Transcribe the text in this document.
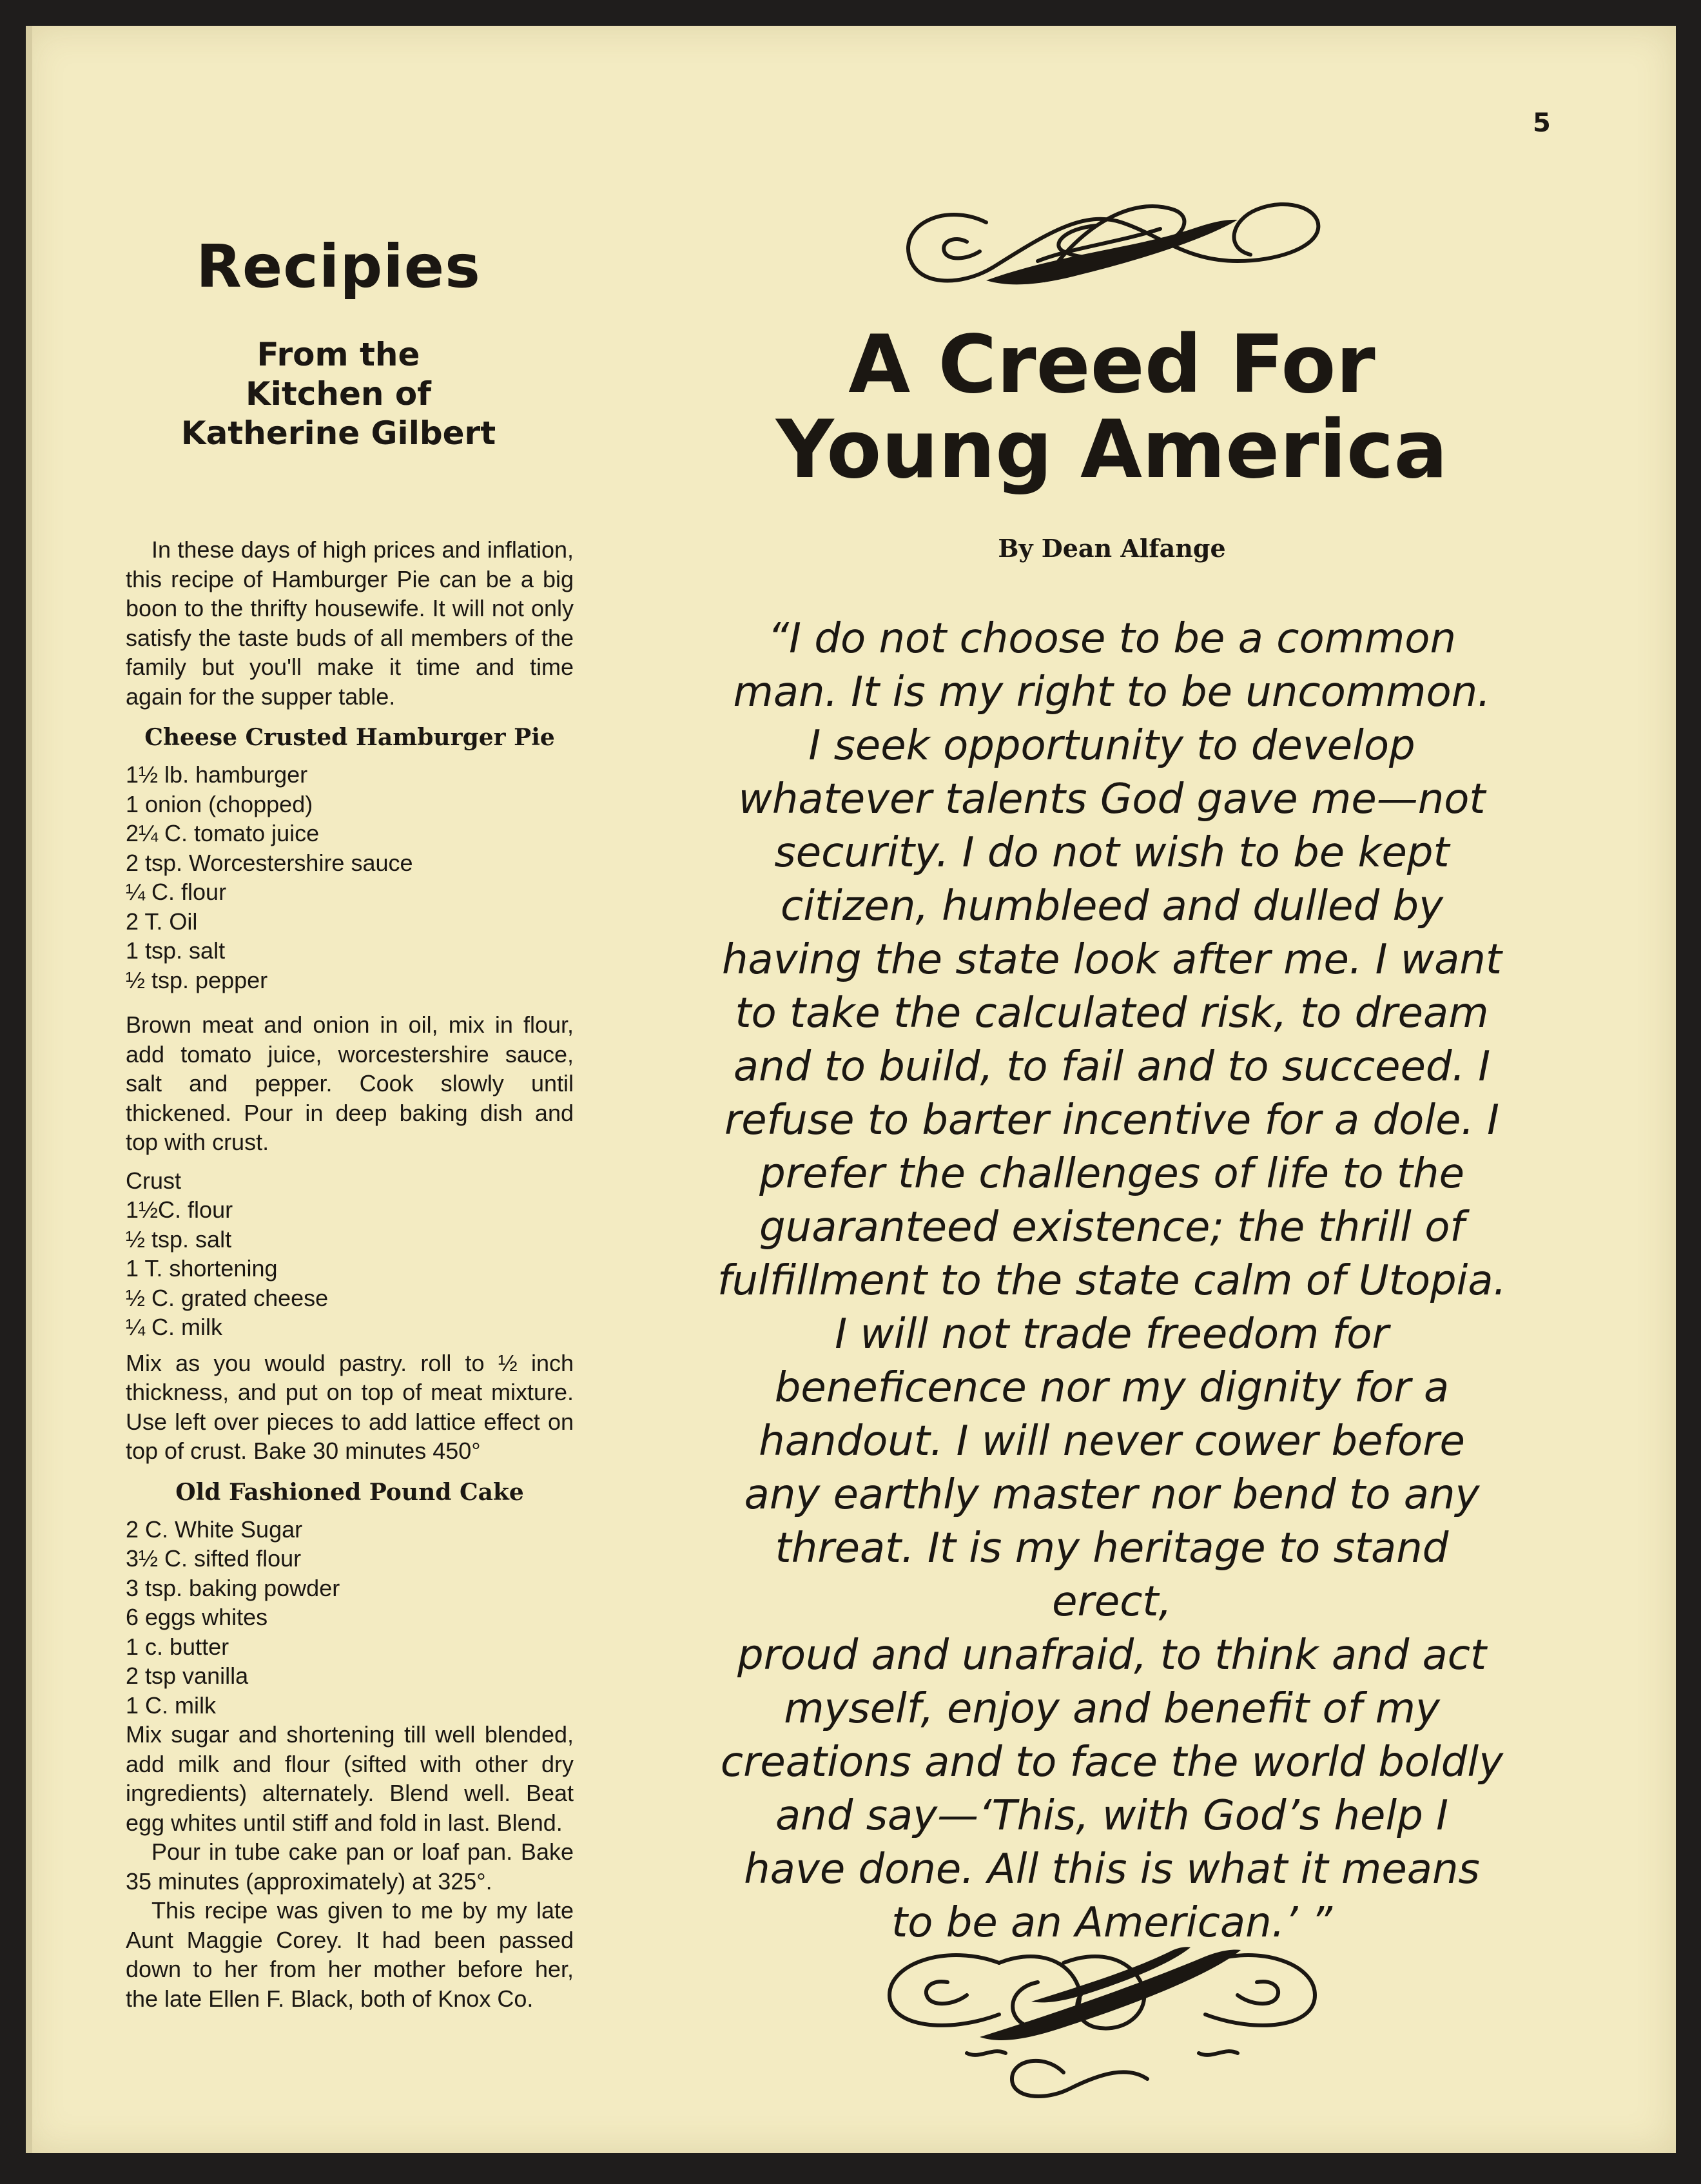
5
Recipies
From the
Kitchen of
Katherine Gilbert

In these days of high prices and inflation, this recipe of Hamburger Pie can be a big boon to the thrifty housewife. It will not only satisfy the taste buds of all members of the family but you'll make it time and time again for the supper table.

Cheese Crusted Hamburger Pie

1½ lb. hamburger

1 onion (chopped)

2¼ C. tomato juice

2 tsp. Worcestershire sauce

¼ C. flour

2 T. Oil

1 tsp. salt

½ tsp. pepper

Brown meat and onion in oil, mix in flour, add tomato juice, worcestershire sauce, salt and pepper. Cook slowly until thickened. Pour in deep baking dish and top with crust.

Crust

1½C. flour

½ tsp. salt

1 T. shortening

½ C. grated cheese

¼ C. milk

Mix as you would pastry. roll to ½ inch thickness, and put on top of meat mixture. Use left over pieces to add lattice effect on top of crust. Bake 30 minutes 450°

Old Fashioned Pound Cake

2 C. White Sugar

3½ C. sifted flour

3 tsp. baking powder

6 eggs whites

1 c. butter

2 tsp vanilla

1 C. milk

Mix sugar and shortening till well blended, add milk and flour (sifted with other dry ingredients) alternately. Blend well. Beat egg whites until stiff and fold in last. Blend.

Pour in tube cake pan or loaf pan. Bake 35 minutes (approximately) at 325°.

This recipe was given to me by my late Aunt Maggie Corey. It had been passed down to her from her mother before her, the late Ellen F. Black, both of Knox Co.

A Creed For
Young America
By Dean Alfange
“I do not choose to be a common
man. It is my right to be uncommon.
I seek opportunity to develop
whatever talents God gave me—not
security. I do not wish to be kept
citizen, humbleed and dulled by
having the state look after me. I want
to take the calculated risk, to dream
and to build, to fail and to succeed. I
refuse to barter incentive for a dole. I
prefer the challenges of life to the
guaranteed existence; the thrill of
fulfillment to the state calm of Utopia.
I will not trade freedom for
beneficence nor my dignity for a
handout. I will never cower before
any earthly master nor bend to any
threat. It is my heritage to stand erect,
proud and unafraid, to think and act
myself, enjoy and benefit of my
creations and to face the world boldly
and say—‘This, with God’s help I
have done. All this is what it means
to be an American.’ ”
